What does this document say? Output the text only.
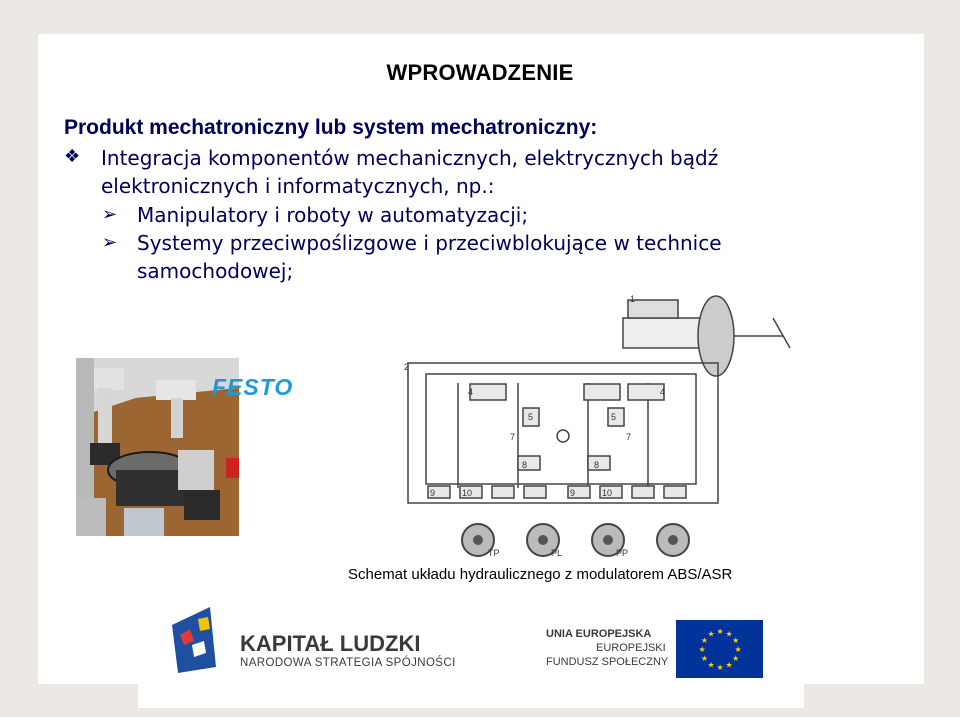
WPROWADZENIE
Produkt mechatroniczny lub system mechatroniczny:
❖ Integracja komponentów mechanicznych, elektrycznych bądź
elektronicznych i informatycznych, np.:
➢ Manipulatory i roboty w automatyzacji;
➢ Systemy przeciwpoślizgowe i przeciwblokujące w technice
samochodowej;
FESTO
1
2
4
5
7
8
9	10
4
5
7
8
9	10
TP	PL	PP
Schemat układu hydraulicznego z modulatorem ABS/ASR
KAPITAŁ LUDZKI
NARODOWA STRATEGIA SPÓJNOŚCI
UNIA EUROPEJSKA
EUROPEJSKI
FUNDUSZ SPOŁECZNY
★
★
★
★
★
★
★
★
★ ★ ★
★
